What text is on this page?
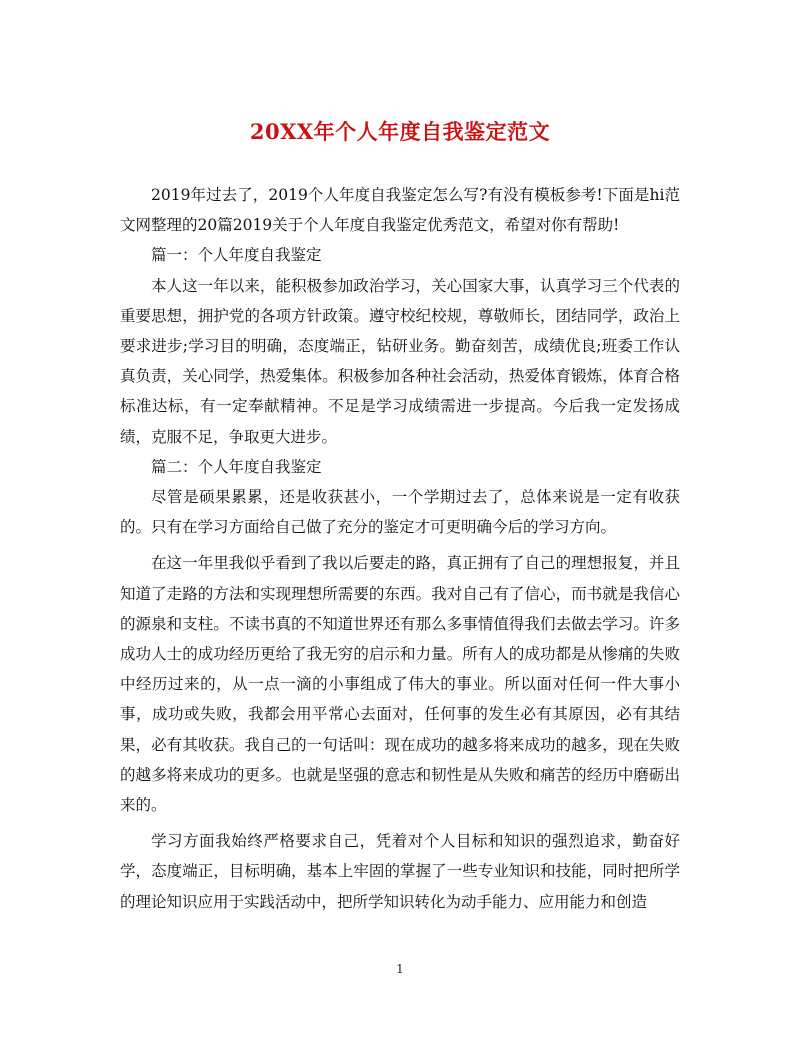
20XX年个人年度自我鉴定范文

2019年过去了，2019个人年度自我鉴定怎么写?有没有模板参考!下面是hi范文网整理的20篇2019关于个人年度自我鉴定优秀范文，希望对你有帮助!

篇一：个人年度自我鉴定

本人这一年以来，能积极参加政治学习，关心国家大事，认真学习三个代表的重要思想，拥护党的各项方针政策。遵守校纪校规，尊敬师长，团结同学，政治上要求进步;学习目的明确，态度端正，钻研业务。勤奋刻苦，成绩优良;班委工作认真负责，关心同学，热爱集体。积极参加各种社会活动，热爱体育锻炼，体育合格标准达标，有一定奉献精神。不足是学习成绩需进一步提高。今后我一定发扬成绩，克服不足，争取更大进步。

篇二：个人年度自我鉴定

尽管是硕果累累，还是收获甚小，一个学期过去了，总体来说是一定有收获的。只有在学习方面给自己做了充分的鉴定才可更明确今后的学习方向。

在这一年里我似乎看到了我以后要走的路，真正拥有了自己的理想报复，并且知道了走路的方法和实现理想所需要的东西。我对自己有了信心，而书就是我信心的源泉和支柱。不读书真的不知道世界还有那么多事情值得我们去做去学习。许多成功人士的成功经历更给了我无穷的启示和力量。所有人的成功都是从惨痛的失败中经历过来的，从一点一滴的小事组成了伟大的事业。所以面对任何一件大事小事，成功或失败，我都会用平常心去面对，任何事的发生必有其原因，必有其结果，必有其收获。我自己的一句话叫：现在成功的越多将来成功的越多，现在失败的越多将来成功的更多。也就是坚强的意志和韧性是从失败和痛苦的经历中磨砺出来的。

学习方面我始终严格要求自己，凭着对个人目标和知识的强烈追求，勤奋好学，态度端正，目标明确，基本上牢固的掌握了一些专业知识和技能，同时把所学的理论知识应用于实践活动中，把所学知识转化为动手能力、应用能力和创造

1
